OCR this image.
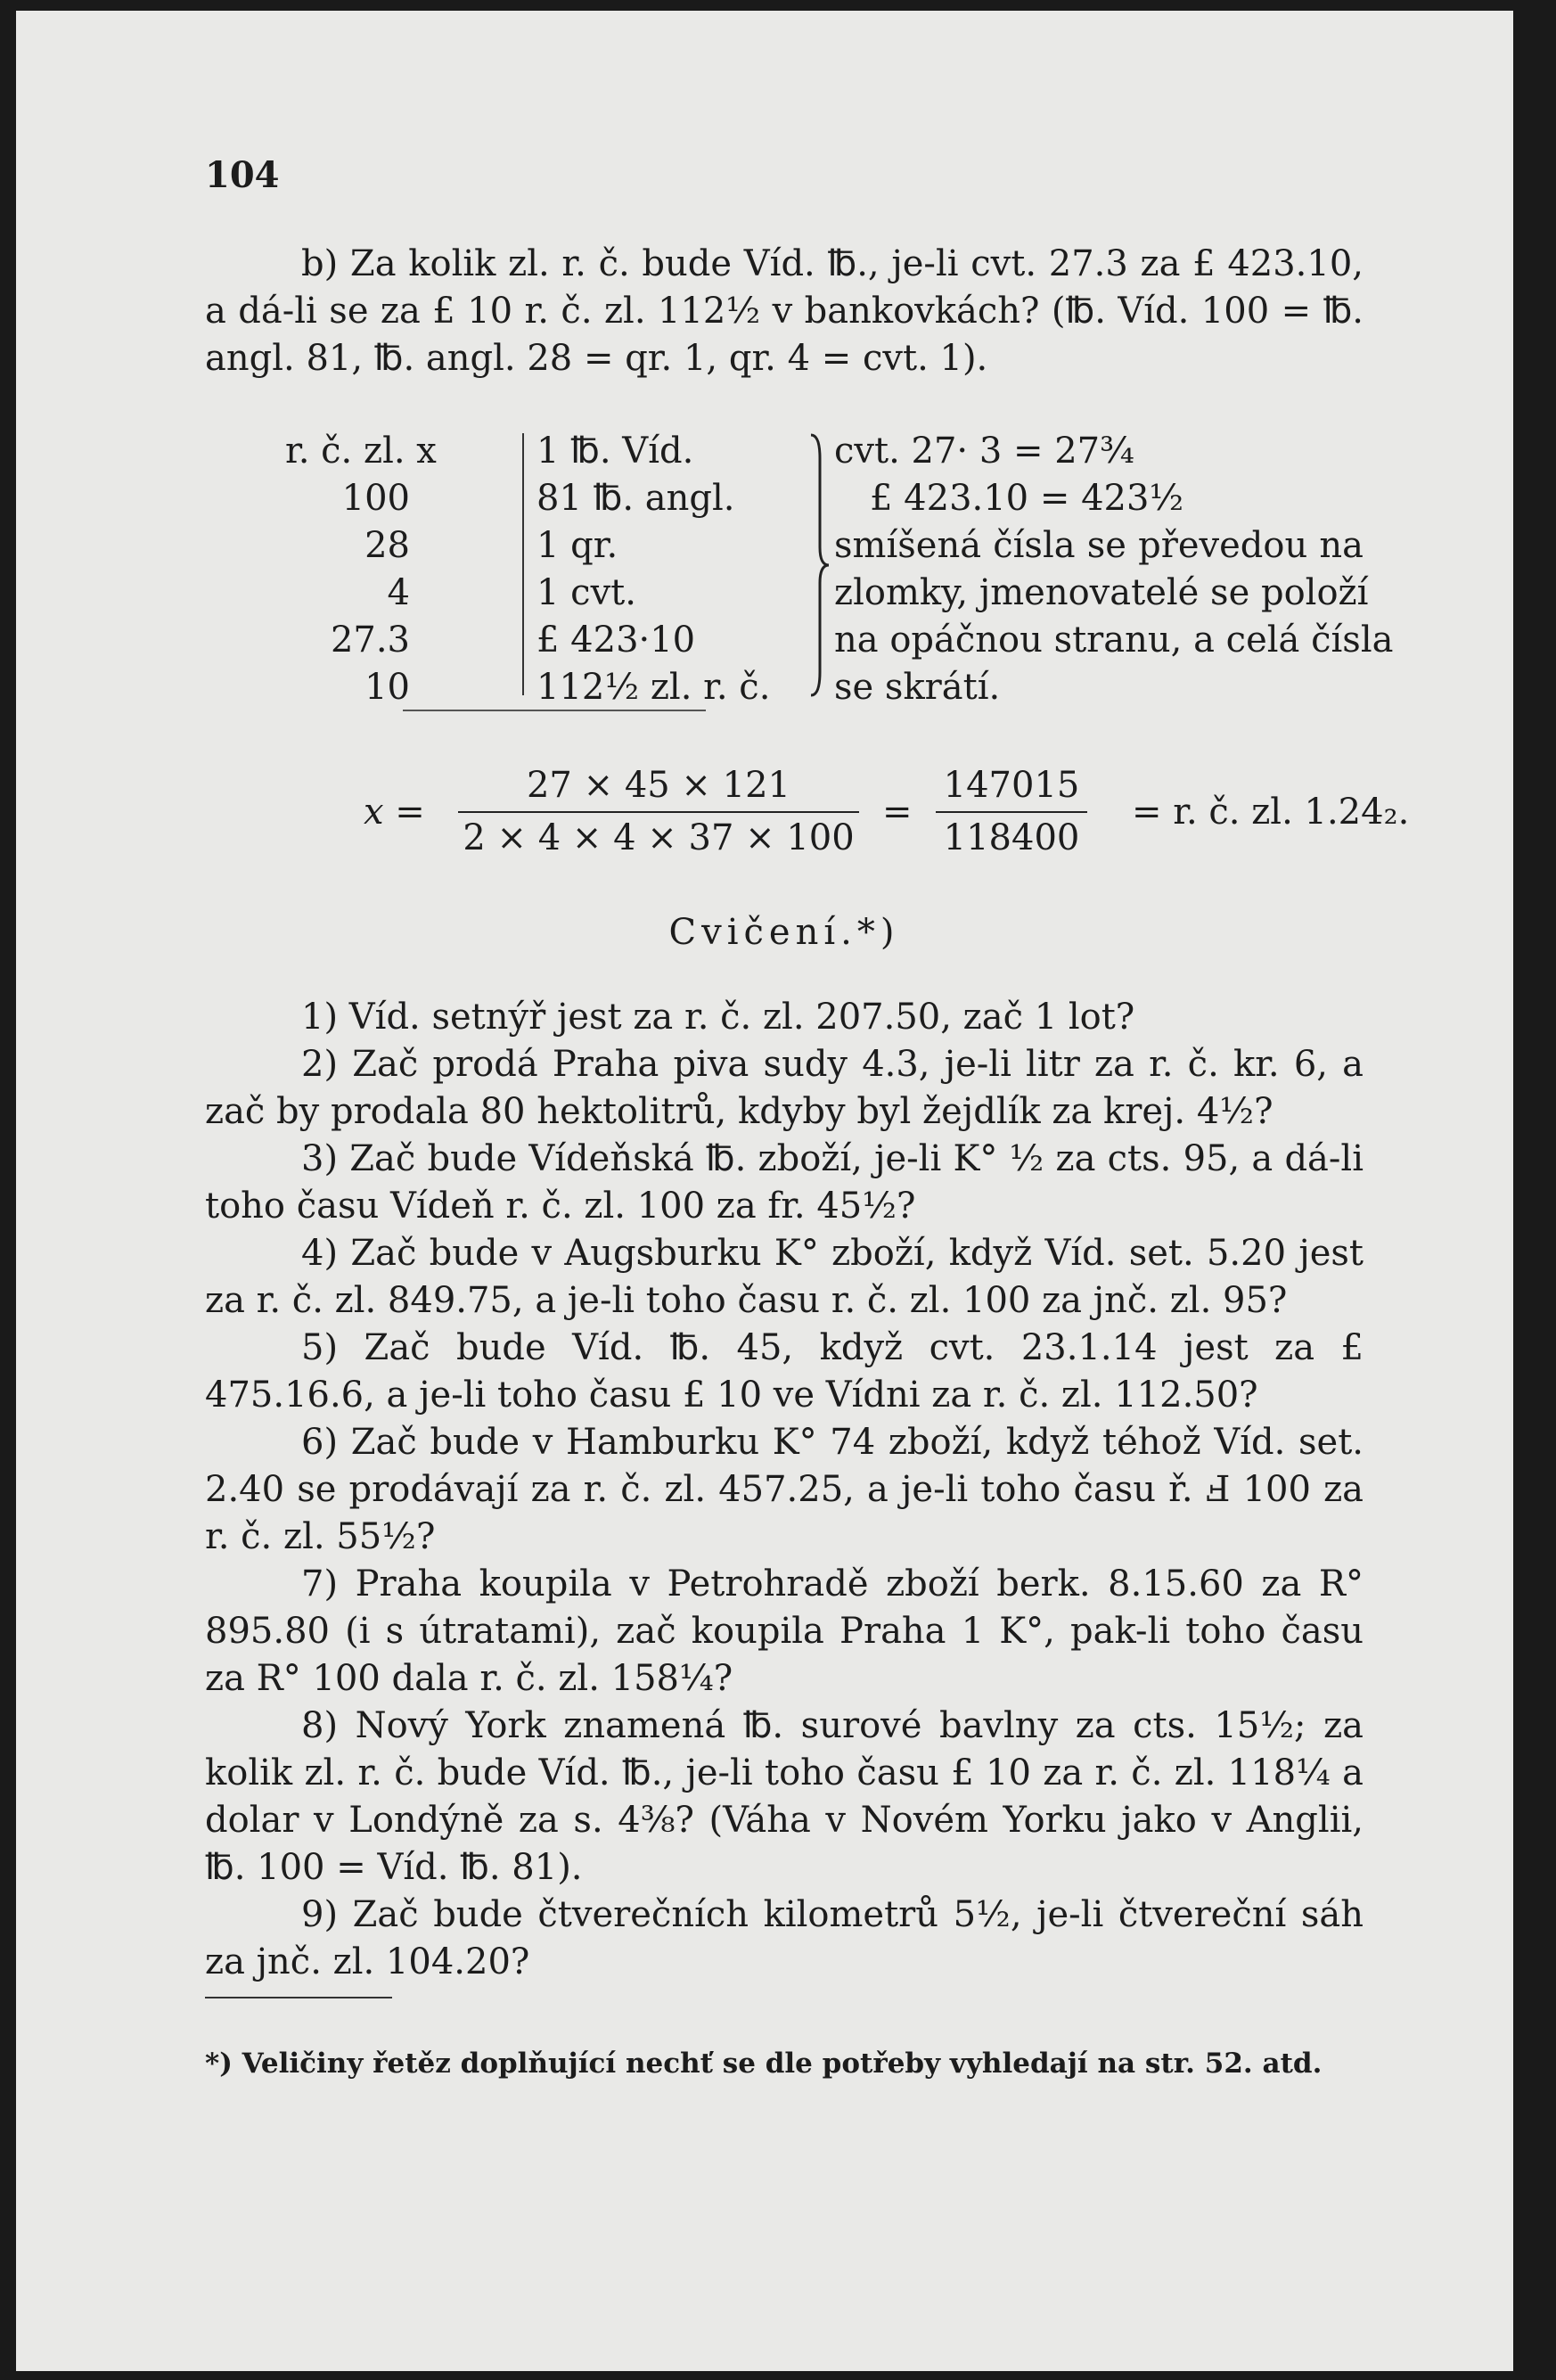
104
b) Za kolik zl. r. č. bude Víd. ℔., je-li cvt. 27.3 za £ 423.10, a dá-li se za £ 10 r. č. zl. 112½ v bankovkách? (℔. Víd. 100 = ℔. angl. 81, ℔. angl. 28 = qr. 1, qr. 4 = cvt. 1).
r. č. zl. x
100
28
4
27.3
10
1 ℔. Víd.
81 ℔. angl.
1 qr.
1 cvt.
£ 423·10
112½ zl. r. č.
cvt. 27· 3 = 27¾
£ 423.10 = 423½
smíšená čísla se převedou na
zlomky, jmenovatelé se položí
na opáčnou stranu, a celá čísla
se skrátí.
x =
27 × 45 × 121
2 × 4 × 4 × 37 × 100
=
147015
118400
= r. č. zl. 1.24₂.
Cvičení.*)

1) Víd. setnýř jest za r. č. zl. 207.50, zač 1 lot?

2) Zač prodá Praha piva sudy 4.3, je-li litr za r. č. kr. 6, a zač by prodala 80 hektolitrů, kdyby byl žejdlík za krej. 4½?

3) Zač bude Vídeňská ℔. zboží, je-li K° ½ za cts. 95, a dá-li toho času Vídeň r. č. zl. 100 za fr. 45½?

4) Zač bude v Augsburku K° zboží, když Víd. set. 5.20 jest za r. č. zl. 849.75, a je-li toho času r. č. zl. 100 za jnč. zl. 95?

5) Zač bude Víd. ℔. 45, když cvt. 23.1.14 jest za £ 475.16.6, a je-li toho času £ 10 ve Vídni za r. č. zl. 112.50?

6) Zač bude v Hamburku K° 74 zboží, když téhož Víd. set. 2.40 se prodávají za r. č. zl. 457.25, a je-li toho času ř. Ⅎ 100 za r. č. zl. 55½?

7) Praha koupila v Petrohradě zboží berk. 8.15.60 za R° 895.80 (i s útratami), zač koupila Praha 1 K°, pak-li toho času za R° 100 dala r. č. zl. 158¼?

8) Nový York znamená ℔. surové bavlny za cts. 15½; za kolik zl. r. č. bude Víd. ℔., je-li toho času £ 10 za r. č. zl. 118¼ a dolar v Londýně za s. 4⅜? (Váha v Novém Yorku jako v Anglii, ℔. 100 = Víd. ℔. 81).

9) Zač bude čtverečních kilometrů 5½, je-li čtvereční sáh za jnč. zl. 104.20?

*) Veličiny řetěz doplňující nechť se dle potřeby vyhledají na str. 52. atd.
